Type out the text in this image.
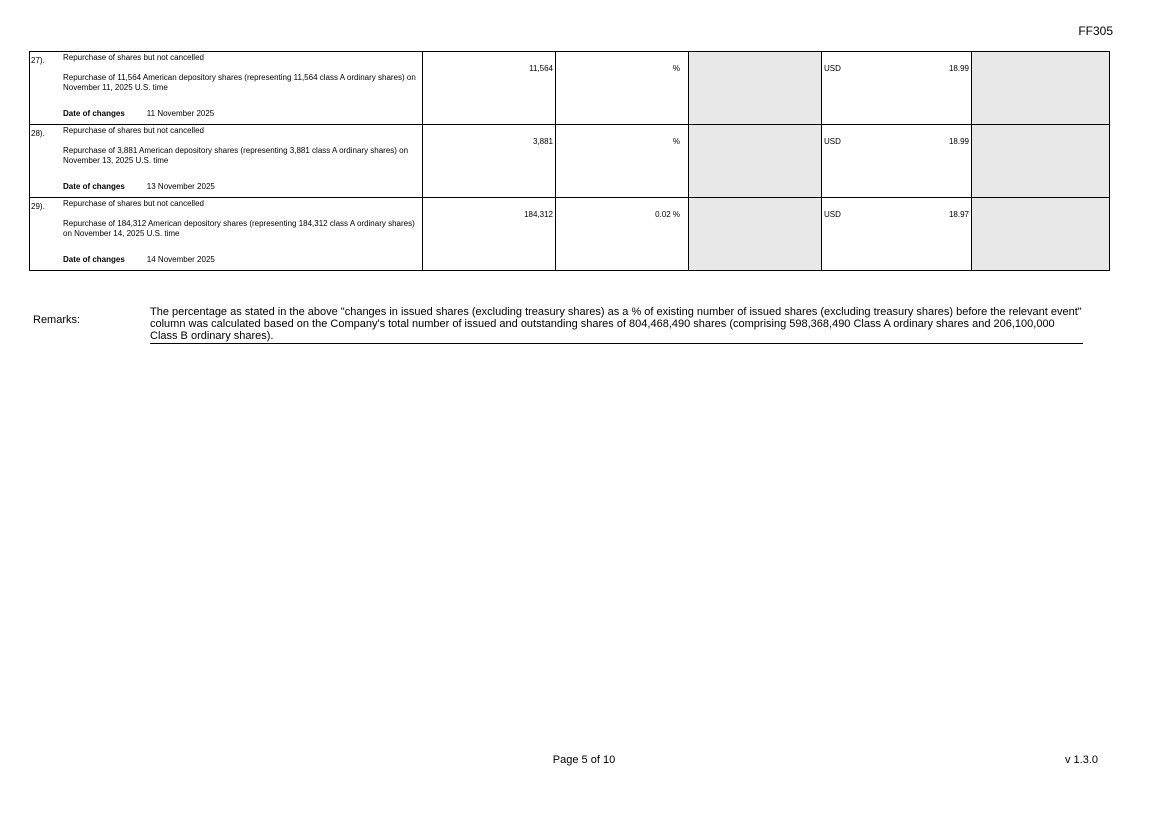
FF305
27). Repurchase of shares but not cancelled
Repurchase of 11,564 American depository shares (representing 11,564 class A ordinary shares) on November 11, 2025 U.S. time
Date of changes 11 November 2025	11,564	%		USD 18.99	

28). Repurchase of shares but not cancelled
Repurchase of 3,881 American depository shares (representing 3,881 class A ordinary shares) on November 13, 2025 U.S. time
Date of changes 13 November 2025	3,881	%		USD 18.99	

29). Repurchase of shares but not cancelled
Repurchase of 184,312 American depository shares (representing 184,312 class A ordinary shares) on November 14, 2025 U.S. time
Date of changes 14 November 2025	184,312	0.02 %		USD 18.97	

Remarks:
The percentage as stated in the above "changes in issued shares (excluding treasury shares) as a % of existing number of issued shares (excluding treasury shares) before the relevant event" column was calculated based on the Company's total number of issued and outstanding shares of 804,468,490 shares (comprising 598,368,490 Class A ordinary shares and 206,100,000 Class B ordinary shares).
Page 5 of 10	v 1.3.0
